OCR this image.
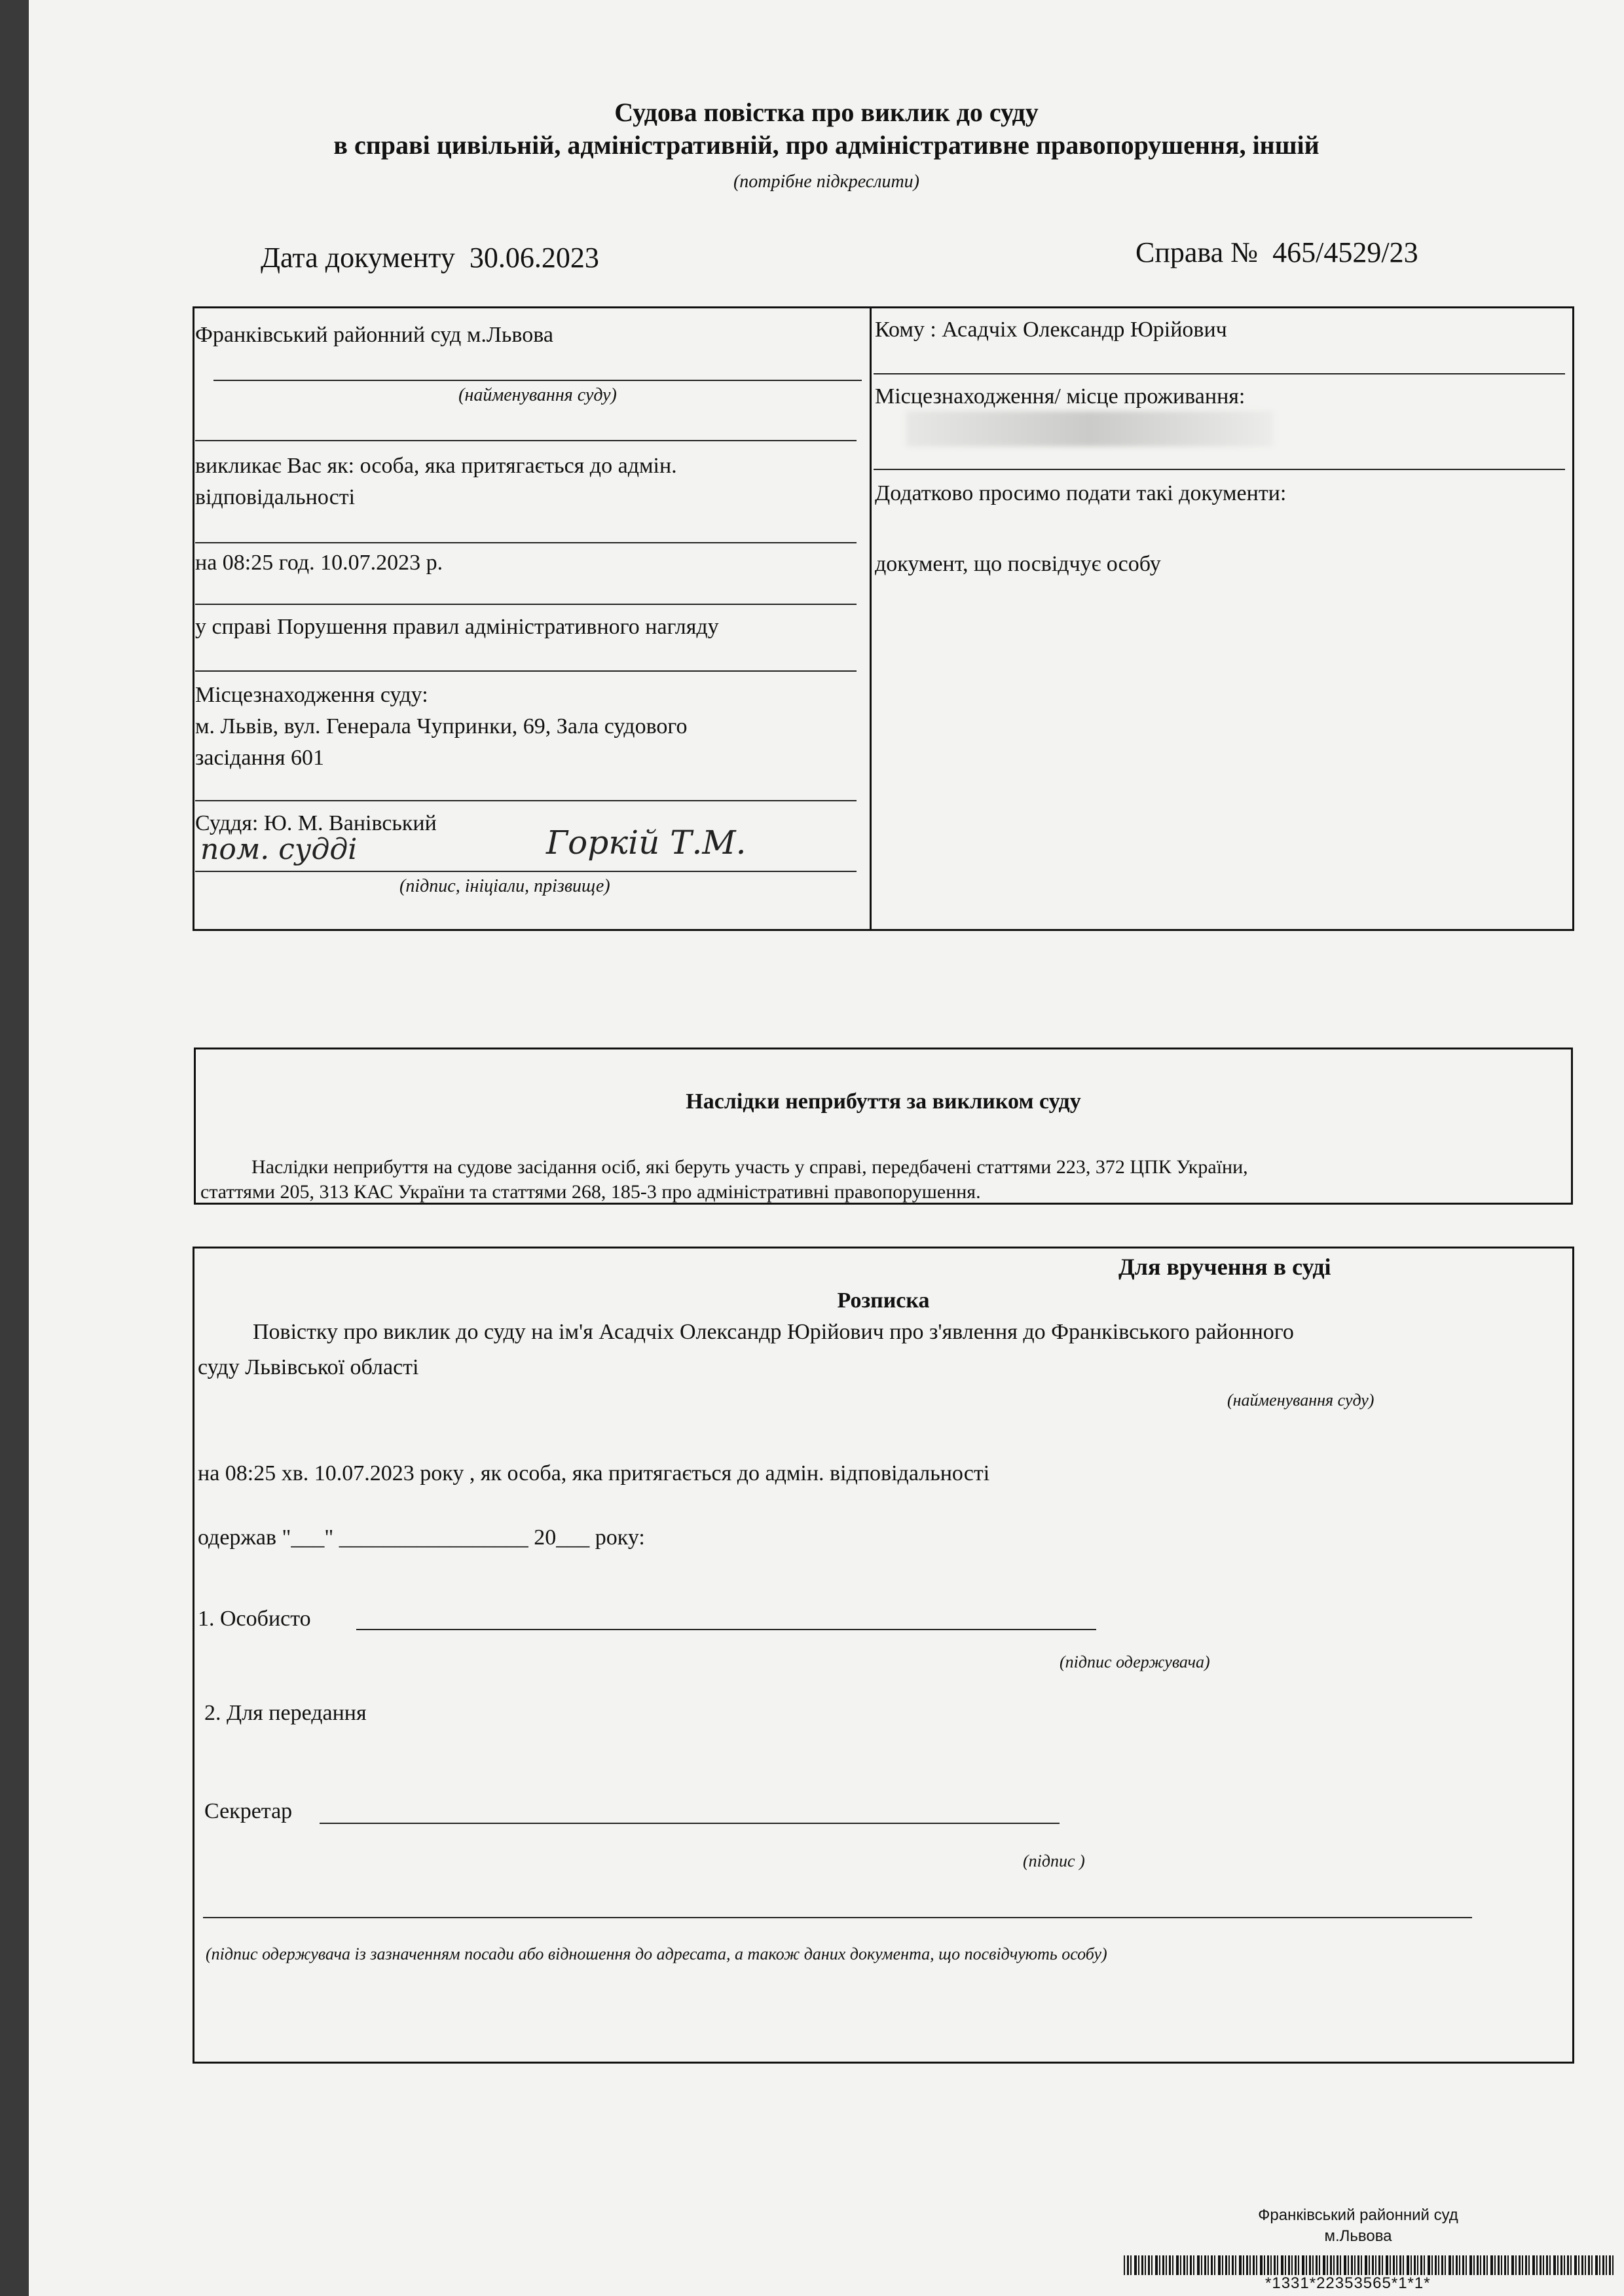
Судова повістка про виклик до суду
в справі цивільній, адміністративній, про адміністративне правопорушення, іншій
(потрібне підкреслити)
Дата документу 30.06.2023	Справа № 465/4529/23
Франківський районний суд м.Львова
(найменування суду)
викликає Вас як: особа, яка притягається до адмін.
відповідальності
на 08:25 год. 10.07.2023 р.
у справі Порушення правил адміністративного нагляду
Місцезнаходження суду:
м. Львів, вул. Генерала Чупринки, 69, Зала судового
засідання 601
Суддя: Ю. М. Ванівський
пом. судді	Горкій Т.М.
(підпис, ініціали, прізвище)
Кому : Асадчіх Олександр Юрійович
Місцезнаходження/ місце проживання:
Додатково просимо подати такі документи:
документ, що посвідчує особу
Наслідки неприбуття за викликом суду
Наслідки неприбуття на судове засідання осіб, які беруть участь у справі, передбачені статтями 223, 372 ЦПК України,
статтями 205, 313 КАС України та статтями 268, 185-3 про адміністративні правопорушення.
Для вручення в суді
Розписка
Повістку про виклик до суду на ім'я Асадчіх Олександр Юрійович про з'явлення до Франківського районного
суду Львівської області
(найменування суду)
на 08:25 хв. 10.07.2023 року , як особа, яка притягається до адмін. відповідальності
одержав "___" _________________ 20___ року:
1. Особисто
(підпис одержувача)
2. Для передання
Секретар
(підпис )
(підпис одержувача із зазначенням посади або відношення до адресата, а також даних документа, що посвідчують особу)
Франківський районний суд
м.Львова
*1331*22353565*1*1*
